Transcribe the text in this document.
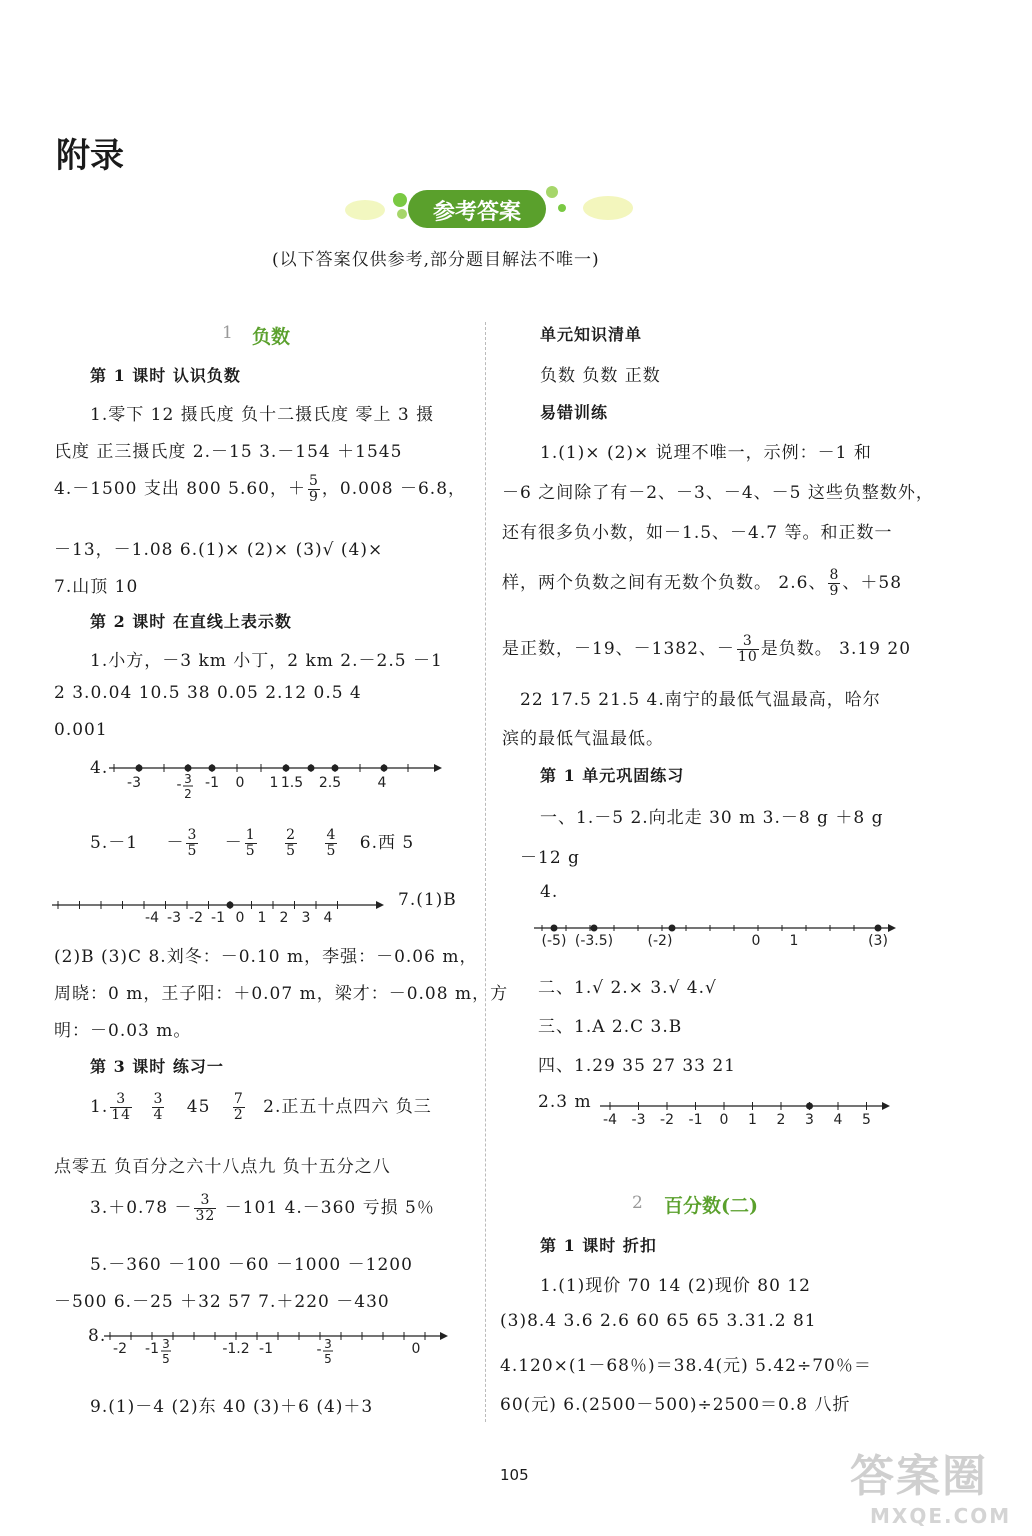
附录
参考答案
(以下答案仅供参考,部分题目解法不唯一)
1 负数
第 1 课时 认识负数
1.零下 12 摄氏度 负十二摄氏度 零上 3 摄
氏度 正三摄氏度 2.－15 3.－154 ＋1545
4.－1500 支出 800 5.60，＋ $\frac{5}{9}$ ，0.008 －6.8，
－13，－1.08 6.(1)× (2)× (3)√ (4)×
7.山顶 10
第 2 课时 在直线上表示数
1.小方，－3 km 小丁，2 km 2.－2.5 －1
2 3.0.04 10.5 38 0.05 2.12 0.5 4
0.001
4.
-3	-1 0 1 1.5 2.5	4
- 3
2
$5.-1 - \frac{3}{5} - \frac{1}{5}$
$\frac{2}{5}$
$\frac{4}{5} 6$.西 5
-4 -3 -2 -1 0 1 2 3 4
7.(1)B
(2)B (3)C 8.刘冬：－0.10 m，李强：－0.06 m，
周晓：0 m，王子阳：＋0.07 m，梁才：－0.08 m，方
明：－0.03 m。
第 3 课时 练习一
1. $\frac{3}{14}$
$\frac{3}{4} 45 \frac{7}{2} 2$.正五十点四六 负三
点零五 负百分之六十八点九 负十五分之八
$3.+0.78 - \frac{3}{32} -101$ 4.－360 亏损 5％
5.－360 －100 －60 －1000 －1200
－500 6.－25 ＋32 57 7.＋220 －430
8.
-2 -1	-1.2 -1	0
3
5
- 3
5
9.(1)－4 (2)东 40 (3)＋6 (4)＋3
单元知识清单
负数 负数 正数
易错训练
1.(1)× (2)× 说理不唯一，示例：－1 和
－6 之间除了有－2、－3、－4、－5 这些负整数外，
还有很多负小数，如－1.5、－4.7 等。和正数一
样，两个负数之间有无数个负数。 2.6、 $\frac{8}{9}$ 、＋58
是正数，－19、－1382、－ $\frac{3}{10}$ 是负数。 3.19 20
22 17.5 21.5 4.南宁的最低气温最高，哈尔
滨的最低气温最低。
第 1 单元巩固练习
一、1.－5 2.向北走 30 m 3.－8 g ＋8 g
－12 g
4.
(-5) (-3.5) (-2)	0 1	(3)
二、1.√ 2.× 3.√ 4.√
三、1.A 2.C 3.B
四、1.29 35 27 33 21
2.3 m
-4 -3 -2 -1 0 1 2 3 4 5
2 百分数(二)
第 1 课时 折扣
1.(1)现价 70 14 (2)现价 80 12
(3)8.4 3.6 2.6 60 65 65 3.31.2 81
4.120×(1－68％)＝38.4(元) 5.42÷70％＝
60(元) 6.(2500－500)÷2500＝0.8 八折
105	答案圈
MXQE.COM
